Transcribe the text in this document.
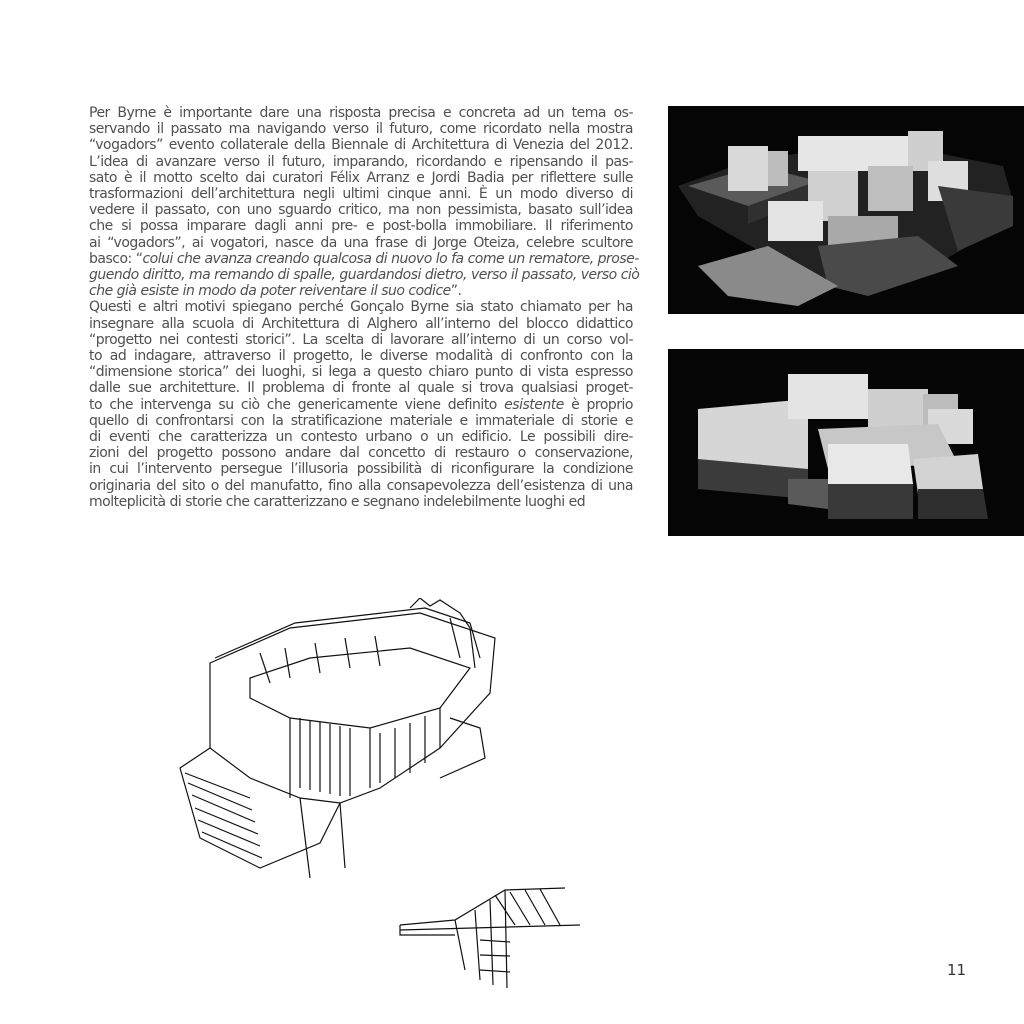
Per Byrne è importante dare una risposta precisa e concreta ad un tema os-
servando il passato ma navigando verso il futuro, come ricordato nella mostra
“vogadors” evento collaterale della Biennale di Architettura di Venezia del 2012.
L’idea di avanzare verso il futuro, imparando, ricordando e ripensando il pas-
sato è il motto scelto dai curatori Félix Arranz e Jordi Badia per riflettere sulle
trasformazioni dell’architettura negli ultimi cinque anni. È un modo diverso di
vedere il passato, con uno sguardo critico, ma non pessimista, basato sull’idea
che si possa imparare dagli anni pre- e post-bolla immobiliare. Il riferimento
ai “vogadors”, ai vogatori, nasce da una frase di Jorge Oteiza, celebre scultore
basco: “colui che avanza creando qualcosa di nuovo lo fa come un rematore, prose-
guendo diritto, ma remando di spalle, guardandosi dietro, verso il passato, verso ciò
che già esiste in modo da poter reiventare il suo codice”.
Questi e altri motivi spiegano perché Gonçalo Byrne sia stato chiamato per ha
insegnare alla scuola di Architettura di Alghero all’interno del blocco didattico
“progetto nei contesti storici”. La scelta di lavorare all’interno di un corso vol-
to ad indagare, attraverso il progetto, le diverse modalità di confronto con la
“dimensione storica” dei luoghi, si lega a questo chiaro punto di vista espresso
dalle sue architetture. Il problema di fronte al quale si trova qualsiasi proget-
to che intervenga su ciò che genericamente viene definito esistente è proprio
quello di confrontarsi con la stratificazione materiale e immateriale di storie e
di eventi che caratterizza un contesto urbano o un edificio. Le possibili dire-
zioni del progetto possono andare dal concetto di restauro o conservazione,
in cui l’intervento persegue l’illusoria possibilità di riconfigurare la condizione
originaria del sito o del manufatto, fino alla consapevolezza dell’esistenza di una
molteplicità di storie che caratterizzano e segnano indelebilmente luoghi ed
11
